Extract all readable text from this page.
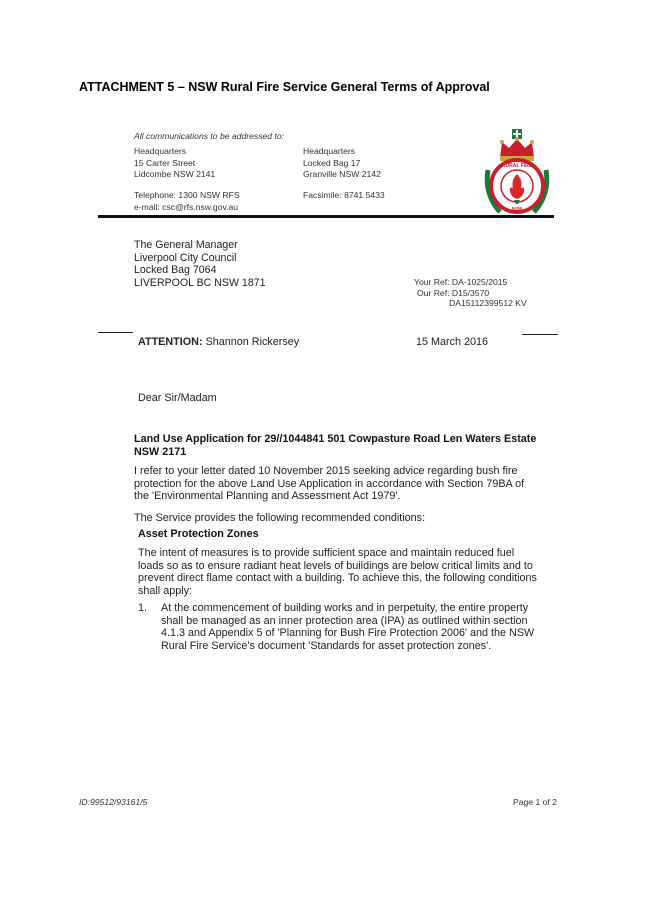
ATTACHMENT 5 – NSW Rural Fire Service General Terms of Approval
All communications to be addressed to:
Headquarters
15 Carter Street
Lidcombe NSW 2141
Headquarters
Locked Bag 17
Granville NSW 2142
Telephone: 1300 NSW RFS
e-mail: csc@rfs.nsw.gov.au
Facsimile: 8741 5433
RURAL FIRE
NSW
The General Manager
Liverpool City Council
Locked Bag 7064
LIVERPOOL BC NSW 1871	Your Ref: DA-1025/2015
Our Ref: D15/3570
DA15112399512 KV
ATTENTION: Shannon Rickersey	15 March 2016
Dear Sir/Madam
Land Use Application for 29//1044841 501 Cowpasture Road Len Waters Estate
NSW 2171
I refer to your letter dated 10 November 2015 seeking advice regarding bush fire
protection for the above Land Use Application in accordance with Section 79BA of
the 'Environmental Planning and Assessment Act 1979'.
The Service provides the following recommended conditions:
Asset Protection Zones
The intent of measures is to provide sufficient space and maintain reduced fuel
loads so as to ensure radiant heat levels of buildings are below critical limits and to
prevent direct flame contact with a building. To achieve this, the following conditions
shall apply:
1. At the commencement of building works and in perpetuity, the entire property
shall be managed as an inner protection area (IPA) as outlined within section
4.1.3 and Appendix 5 of 'Planning for Bush Fire Protection 2006' and the NSW
Rural Fire Service's document 'Standards for asset protection zones'.
ID:99512/93161/5	Page 1 of 2
